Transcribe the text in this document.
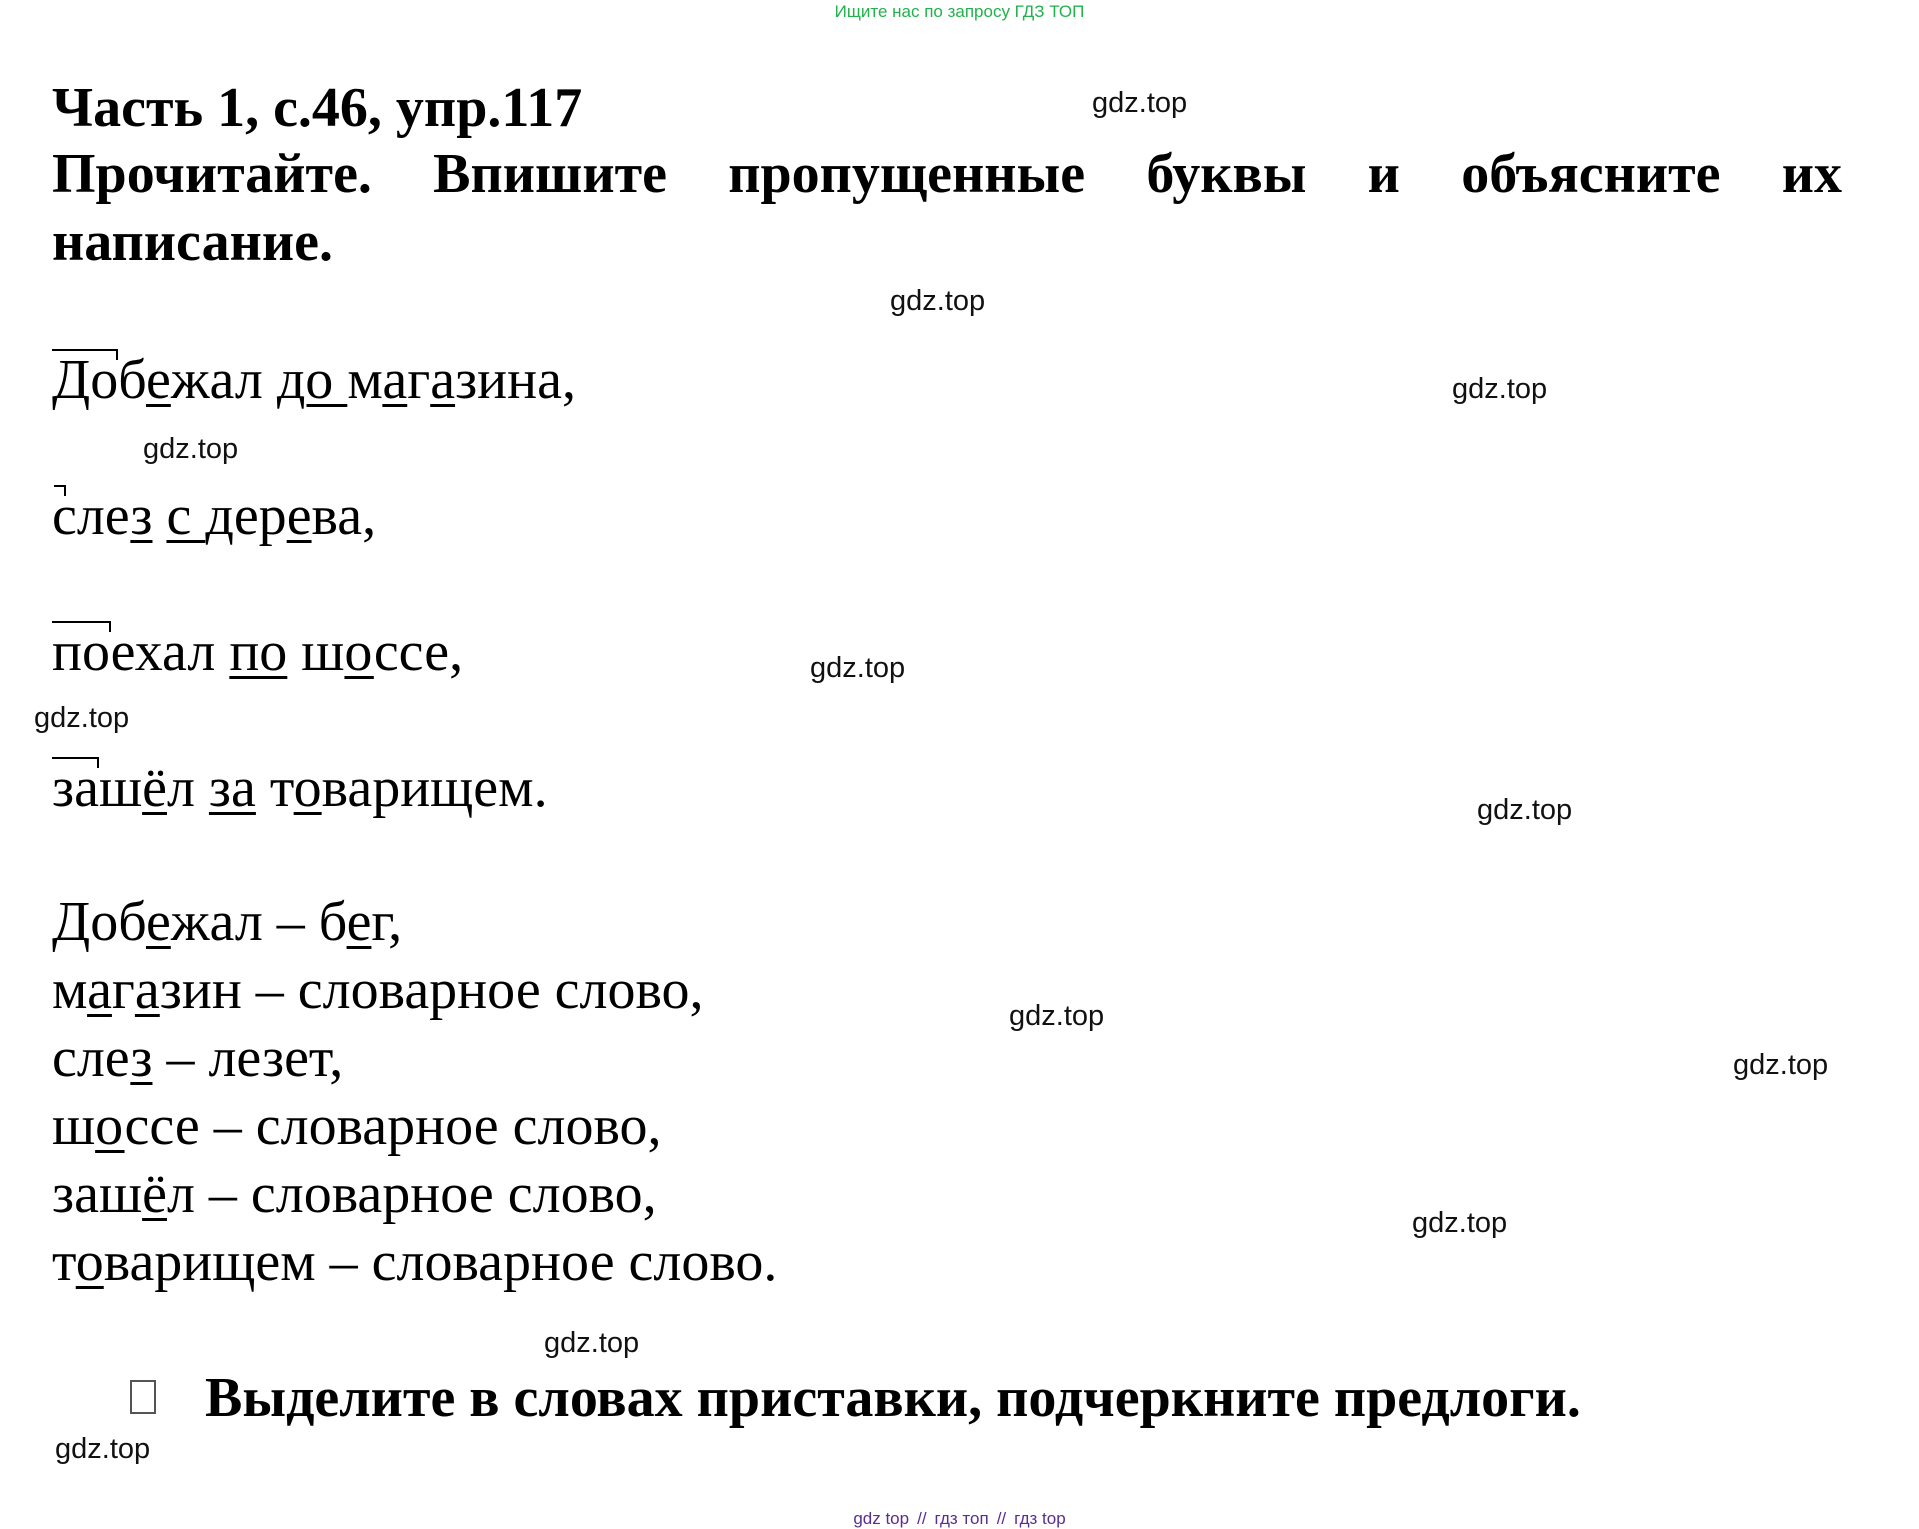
Ищите нас по запросу ГДЗ ТОП
Часть 1, с.46, упр.117
Прочитайте. Впишите пропущенные буквы и объясните их
написание.
Добежал до магазина,
слез с дерева,
поехал по шоссе,
зашёл за товарищем.
Добежал – бег,
магазин – словарное слово,
слез – лезет,
шоссе – словарное слово,
зашёл – словарное слово,
товарищем – словарное слово.
Выделите в словах приставки, подчеркните предлоги.
gdz.top
gdz.top
gdz.top
gdz.top
gdz.top
gdz.top
gdz.top
gdz.top
gdz.top
gdz.top
gdz.top
gdz.top
gdz top // гдз топ // гдз top
